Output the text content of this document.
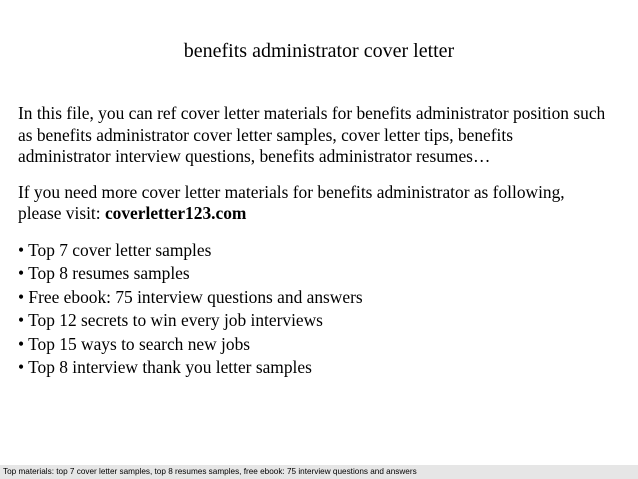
benefits administrator cover letter

In this file, you can ref cover letter materials for benefits administrator position such

as benefits administrator cover letter samples, cover letter tips, benefits

administrator interview questions, benefits administrator resumes…

If you need more cover letter materials for benefits administrator as following,

please visit: coverletter123.com

• Top 7 cover letter samples
• Top 8 resumes samples
• Free ebook: 75 interview questions and answers
• Top 12 secrets to win every job interviews
• Top 15 ways to search new jobs
• Top 8 interview thank you letter samples
Top materials: top 7 cover letter samples, top 8 resumes samples, free ebook: 75 interview questions and answers
